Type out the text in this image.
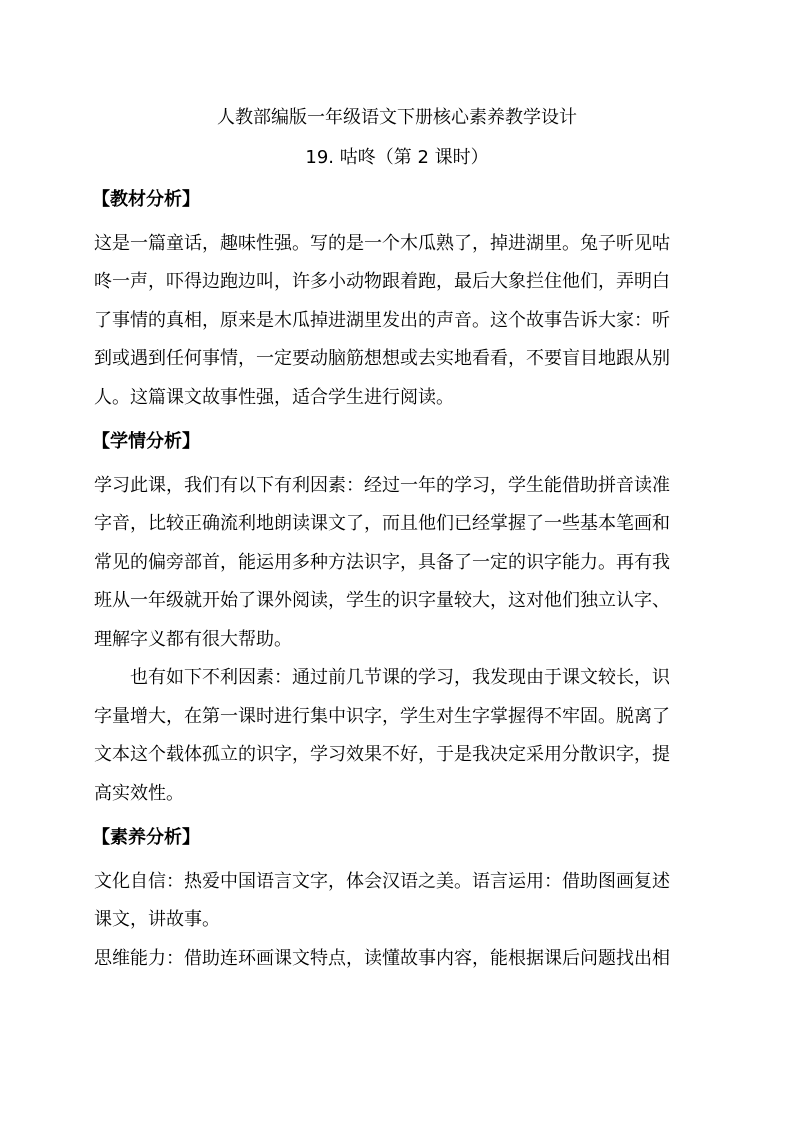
人教部编版一年级语文下册核心素养教学设计
19. 咕咚（第 2 课时）
【教材分析】
这是一篇童话，趣味性强。写的是一个木瓜熟了，掉进湖里。兔子听见咕
咚一声，吓得边跑边叫，许多小动物跟着跑，最后大象拦住他们，弄明白
了事情的真相，原来是木瓜掉进湖里发出的声音。这个故事告诉大家：听
到或遇到任何事情，一定要动脑筋想想或去实地看看，不要盲目地跟从别
人。这篇课文故事性强，适合学生进行阅读。
【学情分析】
学习此课，我们有以下有利因素：经过一年的学习，学生能借助拼音读准
字音，比较正确流利地朗读课文了，而且他们已经掌握了一些基本笔画和
常见的偏旁部首，能运用多种方法识字，具备了一定的识字能力。再有我
班从一年级就开始了课外阅读，学生的识字量较大，这对他们独立认字、
理解字义都有很大帮助。
也有如下不利因素：通过前几节课的学习，我发现由于课文较长，识
字量增大，在第一课时进行集中识字，学生对生字掌握得不牢固。脱离了
文本这个载体孤立的识字，学习效果不好，于是我决定采用分散识字，提
高实效性。
【素养分析】
文化自信：热爱中国语言文字，体会汉语之美。语言运用：借助图画复述
课文，讲故事。
思维能力：借助连环画课文特点，读懂故事内容，能根据课后问题找出相
